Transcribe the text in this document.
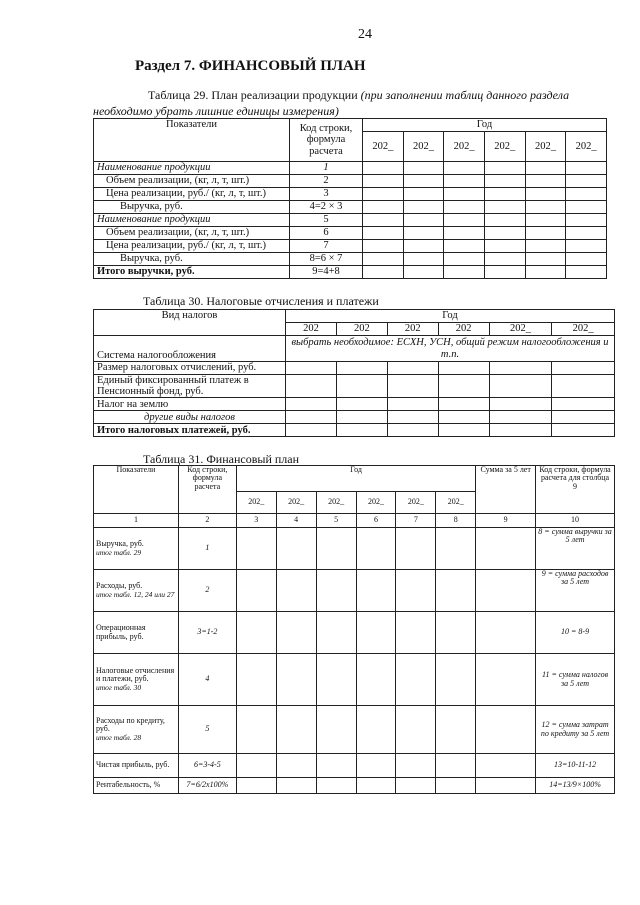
24
Раздел 7. ФИНАНСОВЫЙ ПЛАН
Таблица 29. План реализации продукции (при заполнении таблиц данного раздела
необходимо убрать лишние единицы измерения)
Показатели	Код строки, формула расчета	Год					
		202_	202_	202_	202_	202_	202_
Наименование продукции	1						
Объем реализации, (кг, л, т, шт.)	2						
Цена реализации, руб./ (кг, л, т, шт.)	3						
Выручка, руб.	4=2 × 3						
Наименование продукции	5						
Объем реализации, (кг, л, т, шт.)	6						
Цена реализации, руб./ (кг, л, т, шт.)	7						
Выручка, руб.	8=6 × 7						
Итого выручки, руб.	9=4+8						
Таблица 30. Налоговые отчисления и платежи
Вид налогов	Год					
	202	202	202	202	202_	202_
Система налогообложения	выбрать необходимое: ЕСХН, УСН, общий режим налогообложения и т.п.					
Размер налоговых отчислений, руб.						
Единый фиксированный платеж в Пенсионный фонд, руб.						
Налог на землю						
другие виды налогов						
Итого налоговых платежей, руб.						
Таблица 31. Финансовый план
Показатели	Код строки, формула расчета	Год						Сумма за 5 лет	Код строки, формула расчета для столбца 9
		202_	202_	202_	202_	202_	202_		
1	2	3	4	5	6	7	8	9	10
Выручка, руб.
итог табл. 29	1								8 = сумма выручки за 5 лет
Расходы, руб.
итог табл. 12, 24 или 27	2								9 = сумма расходов за 5 лет
Операционная прибыль, руб.	3=1-2								10 = 8-9
Налоговые отчисления и платежи, руб.
итог табл. 30	4								11 = сумма налогов за 5 лет
Расходы по кредиту, руб.
итог табл. 28	5								12 = сумма затрат по кредиту за 5 лет
Чистая прибыль, руб.	6=3-4-5								13=10-11-12
Рентабельность, %	7=6/2х100%								14=13/9×100%
